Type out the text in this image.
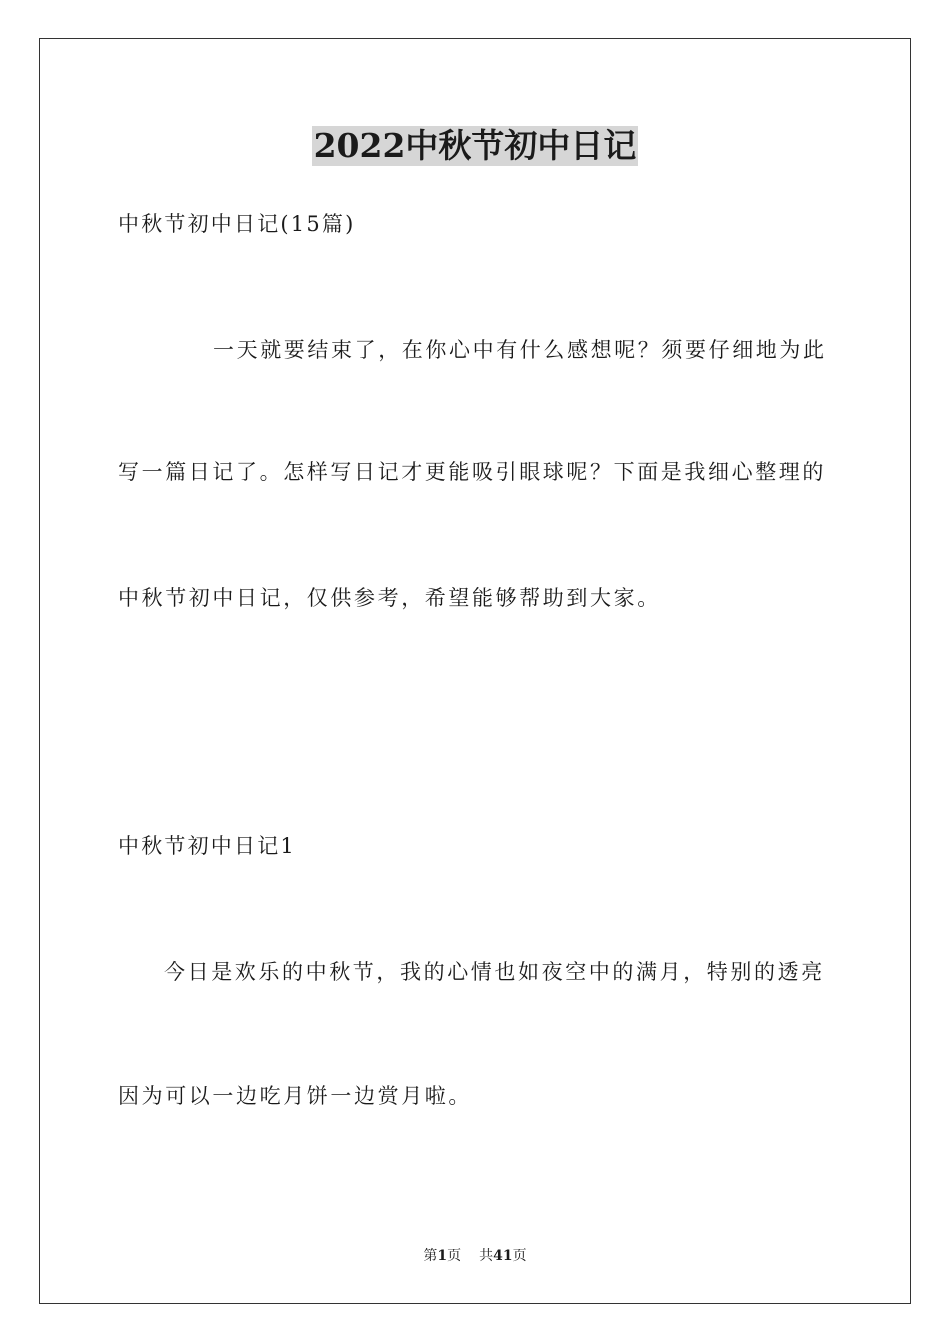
2022中秋节初中日记
中秋节初中日记(15篇)
一天就要结束了，在你心中有什么感想呢？须要仔细地为此
写一篇日记了。怎样写日记才更能吸引眼球呢？下面是我细心整理的
中秋节初中日记，仅供参考，希望能够帮助到大家。
中秋节初中日记1
今日是欢乐的中秋节，我的心情也如夜空中的满月，特别的透亮
因为可以一边吃月饼一边赏月啦。
第1页 共41页
